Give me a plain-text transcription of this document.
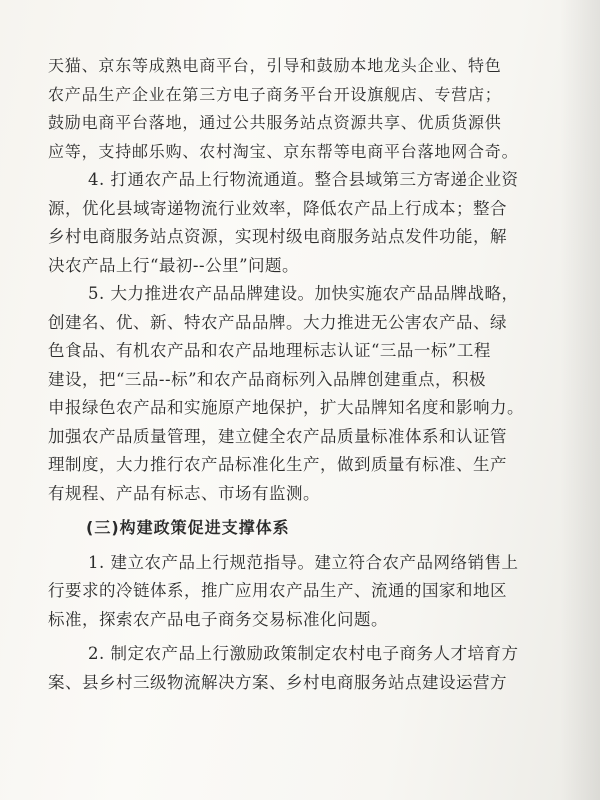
天猫、京东等成熟电商平台，引导和鼓励本地龙头企业、特色
农产品生产企业在第三方电子商务平台开设旗舰店、专营店；
鼓励电商平台落地，通过公共服务站点资源共享、优质货源供
应等，支持邮乐购、农村淘宝、京东帮等电商平台落地网合奇。
4. 打通农产品上行物流通道。整合县域第三方寄递企业资
源，优化县域寄递物流行业效率，降低农产品上行成本；整合
乡村电商服务站点资源，实现村级电商服务站点发件功能，解
决农产品上行“最初--公里”问题。
5. 大力推进农产品品牌建设。加快实施农产品品牌战略，
创建名、优、新、特农产品品牌。大力推进无公害农产品、绿
色食品、有机农产品和农产品地理标志认证“三品一标”工程
建设，把“三品--标”和农产品商标列入品牌创建重点，积极
申报绿色农产品和实施原产地保护，扩大品牌知名度和影响力。
加强农产品质量管理，建立健全农产品质量标准体系和认证管
理制度，大力推行农产品标准化生产，做到质量有标准、生产
有规程、产品有标志、市场有监测。
(三)构建政策促进支撑体系
1. 建立农产品上行规范指导。建立符合农产品网络销售上
行要求的冷链体系，推广应用农产品生产、流通的国家和地区
标准，探索农产品电子商务交易标准化问题。
2. 制定农产品上行激励政策制定农村电子商务人才培育方
案、县乡村三级物流解决方案、乡村电商服务站点建设运营方
